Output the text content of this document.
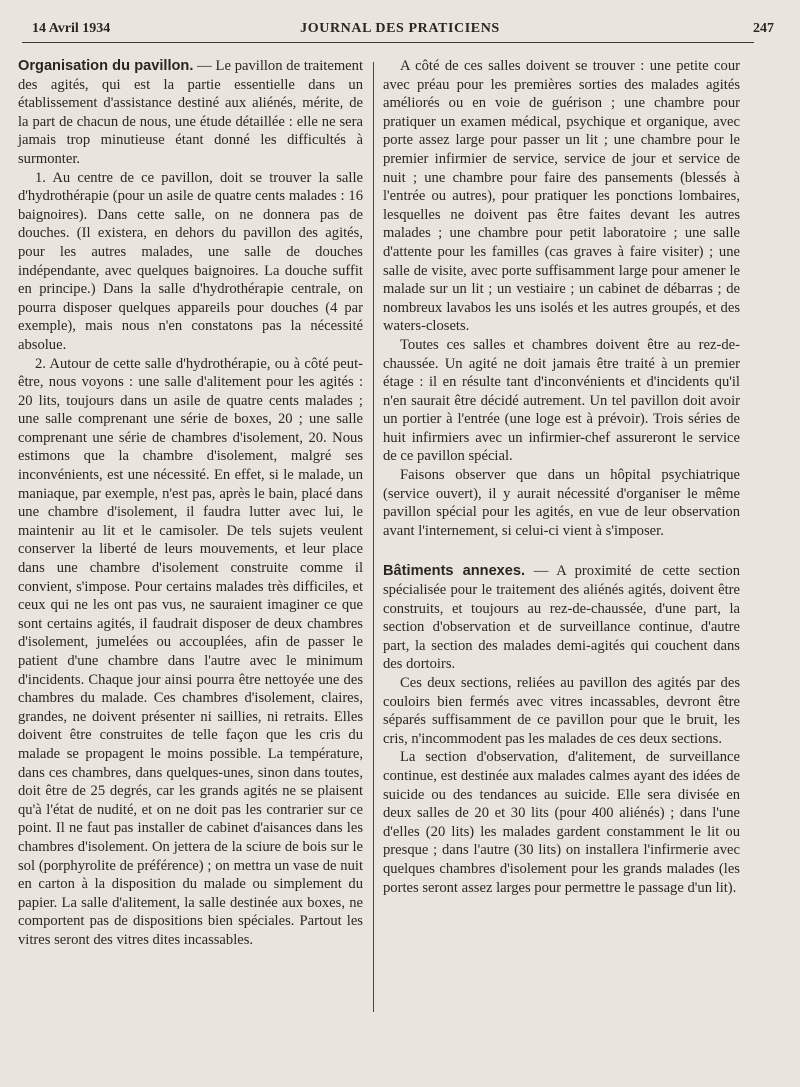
14 Avril 1934	JOURNAL DES PRATICIENS	247

Organisation du pavillon. — Le pavillon de traitement des agités, qui est la partie essentielle dans un établissement d'assistance destiné aux aliénés, mérite, de la part de chacun de nous, une étude détaillée : elle ne sera jamais trop minutieuse étant donné les difficultés à surmonter.

1. Au centre de ce pavillon, doit se trouver la salle d'hydrothérapie (pour un asile de quatre cents malades : 16 baignoires). Dans cette salle, on ne donnera pas de douches. (Il existera, en dehors du pavillon des agités, pour les autres malades, une salle de douches indépendante, avec quelques baignoires. La douche suffit en principe.) Dans la salle d'hydrothérapie centrale, on pourra disposer quelques appareils pour douches (4 par exemple), mais nous n'en constatons pas la nécessité absolue.

2. Autour de cette salle d'hydrothérapie, ou à côté peut-être, nous voyons : une salle d'alitement pour les agités : 20 lits, toujours dans un asile de quatre cents malades ; une salle comprenant une série de boxes, 20 ; une salle comprenant une série de chambres d'isolement, 20. Nous estimons que la chambre d'isolement, malgré ses inconvénients, est une nécessité. En effet, si le malade, un maniaque, par exemple, n'est pas, après le bain, placé dans une chambre d'isolement, il faudra lutter avec lui, le maintenir au lit et le camisoler. De tels sujets veulent conserver la liberté de leurs mouvements, et leur place dans une chambre d'isolement construite comme il convient, s'impose. Pour certains malades très difficiles, et ceux qui ne les ont pas vus, ne sauraient imaginer ce que sont certains agités, il faudrait disposer de deux chambres d'isolement, jumelées ou accouplées, afin de passer le patient d'une chambre dans l'autre avec le minimum d'incidents. Chaque jour ainsi pourra être nettoyée une des chambres du malade. Ces chambres d'isolement, claires, grandes, ne doivent présenter ni saillies, ni retraits. Elles doivent être construites de telle façon que les cris du malade se propagent le moins possible. La température, dans ces chambres, dans quelques-unes, sinon dans toutes, doit être de 25 degrés, car les grands agités ne se plaisent qu'à l'état de nudité, et on ne doit pas les contrarier sur ce point. Il ne faut pas installer de cabinet d'aisances dans les chambres d'isolement. On jettera de la sciure de bois sur le sol (porphyrolite de préférence) ; on mettra un vase de nuit en carton à la disposition du malade ou simplement du papier. La salle d'alitement, la salle destinée aux boxes, ne comportent pas de dispositions bien spéciales. Partout les vitres seront des vitres dites incassables.

A côté de ces salles doivent se trouver : une petite cour avec préau pour les premières sorties des malades agités améliorés ou en voie de guérison ; une chambre pour pratiquer un examen médical, psychique et organique, avec porte assez large pour passer un lit ; une chambre pour le premier infirmier de service, service de jour et service de nuit ; une chambre pour faire des pansements (blessés à l'entrée ou autres), pour pratiquer les ponctions lombaires, lesquelles ne doivent pas être faites devant les autres malades ; une chambre pour petit laboratoire ; une salle d'attente pour les familles (cas graves à faire visiter) ; une salle de visite, avec porte suffisamment large pour amener le malade sur un lit ; un vestiaire ; un cabinet de débarras ; de nombreux lavabos les uns isolés et les autres groupés, et des waters-closets.

Toutes ces salles et chambres doivent être au rez-de-chaussée. Un agité ne doit jamais être traité à un premier étage : il en résulte tant d'inconvénients et d'incidents qu'il n'en saurait être décidé autrement. Un tel pavillon doit avoir un portier à l'entrée (une loge est à prévoir). Trois séries de huit infirmiers avec un infirmier-chef assureront le service de ce pavillon spécial.

Faisons observer que dans un hôpital psychiatrique (service ouvert), il y aurait nécessité d'organiser le même pavillon spécial pour les agités, en vue de leur observation avant l'internement, si celui-ci vient à s'imposer.

Bâtiments annexes. — A proximité de cette section spécialisée pour le traitement des aliénés agités, doivent être construits, et toujours au rez-de-chaussée, d'une part, la section d'observation et de surveillance continue, d'autre part, la section des malades demi-agités qui couchent dans des dortoirs.

Ces deux sections, reliées au pavillon des agités par des couloirs bien fermés avec vitres incassables, devront être séparés suffisamment de ce pavillon pour que le bruit, les cris, n'incommodent pas les malades de ces deux sections.

La section d'observation, d'alitement, de surveillance continue, est destinée aux malades calmes ayant des idées de suicide ou des tendances au suicide. Elle sera divisée en deux salles de 20 et 30 lits (pour 400 aliénés) ; dans l'une d'elles (20 lits) les malades gardent constamment le lit ou presque ; dans l'autre (30 lits) on installera l'infirmerie avec quelques chambres d'isolement pour les grands malades (les portes seront assez larges pour permettre le passage d'un lit).
